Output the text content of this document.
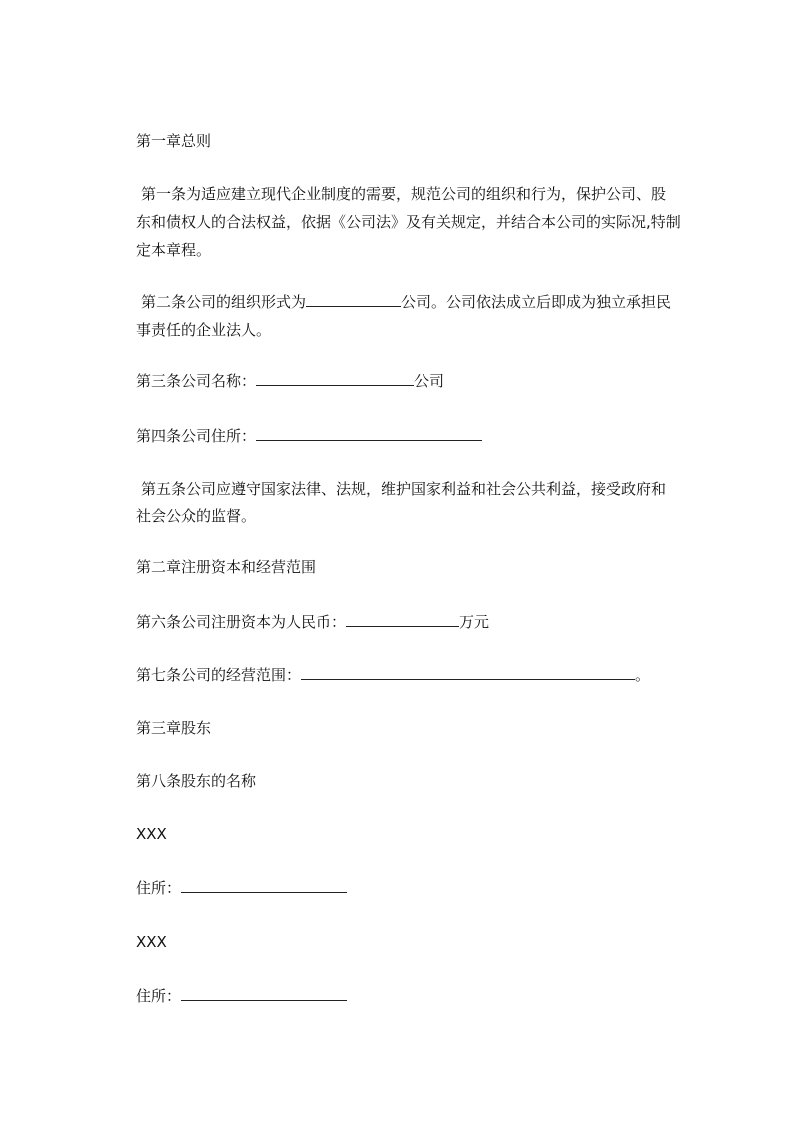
第一章总则
第一条为适应建立现代企业制度的需要，规范公司的组织和行为，保护公司、股
东和债权人的合法权益，依据《公司法》及有关规定，并结合本公司的实际况,特制
定本章程。
第二条公司的组织形式为	公司。公司依法成立后即成为独立承担民
事责任的企业法人。
第三条公司名称：	公司
第四条公司住所：
第五条公司应遵守国家法律、法规，维护国家利益和社会公共利益，接受政府和
社会公众的监督。
第二章注册资本和经营范围
第六条公司注册资本为人民币：	万元
第七条公司的经营范围：	。
第三章股东
第八条股东的名称
XXX
住所：
XXX
住所：
